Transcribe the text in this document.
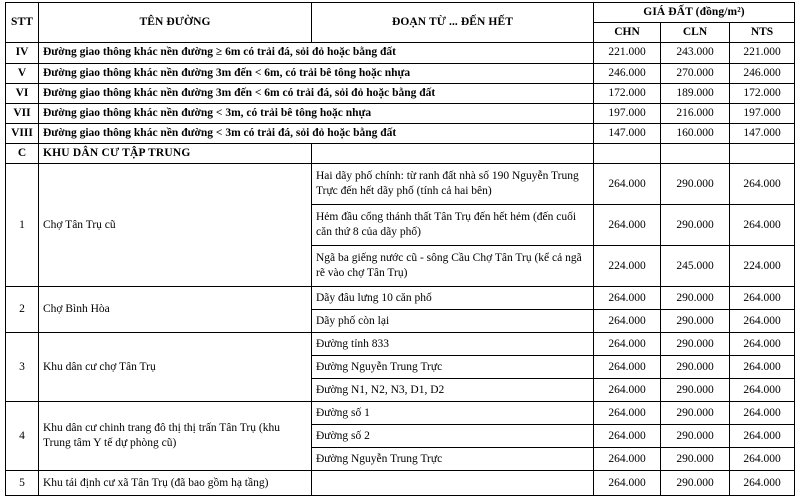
STT	TÊN ĐƯỜNG	ĐOẠN TỪ ... ĐẾN HẾT	GIÁ ĐẤT (đồng/m²)		
			CHN	CLN	NTS
IV	Đường giao thông khác nền đường ≥ 6m có trải đá, sỏi đỏ hoặc bằng đất		221.000	243.000	221.000
V	Đường giao thông khác nền đường 3m đến < 6m, có trải bê tông hoặc nhựa		246.000	270.000	246.000
VI	Đường giao thông khác nền đường 3m đến < 6m có trải đá, sỏi đỏ hoặc bằng đất		172.000	189.000	172.000
VII	Đường giao thông khác nền đường < 3m, có trải bê tông hoặc nhựa		197.000	216.000	197.000
VIII	Đường giao thông khác nền đường < 3m có trải đá, sỏi đỏ hoặc bằng đất		147.000	160.000	147.000
C	KHU DÂN CƯ TẬP TRUNG				
1	Chợ Tân Trụ cũ	Hai dãy phố chính: từ ranh đất nhà số 190 Nguyễn Trung Trực đến hết dãy phố (tính cả hai bên)	264.000	290.000	264.000
		Hẻm đầu cổng thánh thất Tân Trụ đến hết hẻm (đến cuối căn thứ 8 của dãy phố)	264.000	290.000	264.000
		Ngã ba giếng nước cũ - sông Cầu Chợ Tân Trụ (kể cả ngã rẽ vào chợ Tân Trụ)	224.000	245.000	224.000
2	Chợ Bình Hòa	Dãy đâu lưng 10 căn phố	264.000	290.000	264.000
		Dãy phố còn lại	264.000	290.000	264.000
3	Khu dân cư chợ Tân Trụ	Đường tỉnh 833	264.000	290.000	264.000
		Đường Nguyễn Trung Trực	264.000	290.000	264.000
		Đường N1, N2, N3, D1, D2	264.000	290.000	264.000
4	Khu dân cư chinh trang đô thị thị trấn Tân Trụ (khu Trung tâm Y tế dự phòng cũ)	Đường số 1	264.000	290.000	264.000
		Đường số 2	264.000	290.000	264.000
		Đường Nguyễn Trung Trực	264.000	290.000	264.000
5	Khu tái định cư xã Tân Trụ (đã bao gồm hạ tầng)		264.000	290.000	264.000
